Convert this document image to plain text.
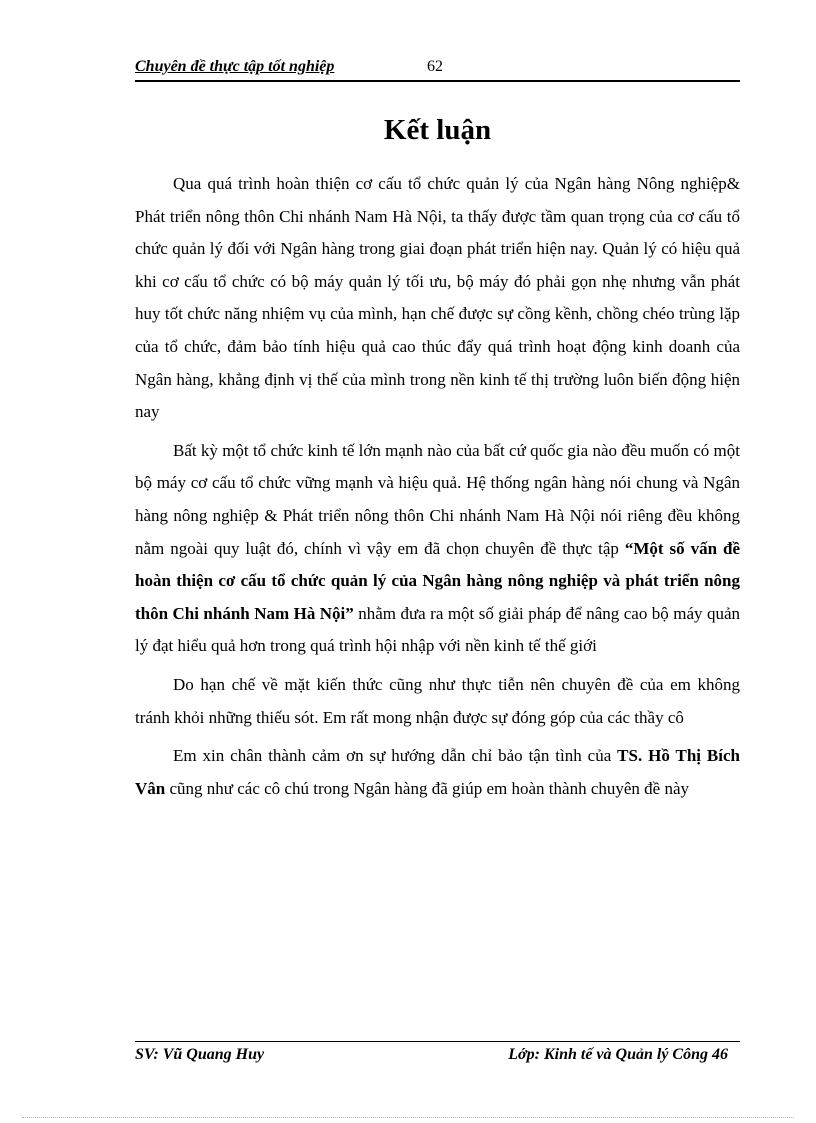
Chuyên đề thực tập tốt nghiệp	62
Kết luận

Qua quá trình hoàn thiện cơ cấu tổ chức quản lý của Ngân hàng Nông nghiệp& Phát triển nông thôn Chi nhánh Nam Hà Nội, ta thấy được tầm quan trọng của cơ cấu tổ chức quản lý đối với Ngân hàng trong giai đoạn phát triển hiện nay. Quản lý có hiệu quả khi cơ cấu tổ chức có bộ máy quản lý tối ưu, bộ máy đó phải gọn nhẹ nhưng vẫn phát huy tốt chức năng nhiệm vụ của mình, hạn chế được sự cồng kềnh, chồng chéo trùng lặp của tổ chức, đảm bảo tính hiệu quả cao thúc đẩy quá trình hoạt động kinh doanh của Ngân hàng, khẳng định vị thế của mình trong nền kinh tế thị trường luôn biến động hiện nay

Bất kỳ một tổ chức kinh tế lớn mạnh nào của bất cứ quốc gia nào đều muốn có một bộ máy cơ cấu tổ chức vững mạnh và hiệu quả. Hệ thống ngân hàng nói chung và Ngân hàng nông nghiệp & Phát triển nông thôn Chi nhánh Nam Hà Nội nói riêng đều không nằm ngoài quy luật đó, chính vì vậy em đã chọn chuyên đề thực tập “Một số vấn đề hoàn thiện cơ cấu tổ chức quản lý của Ngân hàng nông nghiệp và phát triển nông thôn Chi nhánh Nam Hà Nội” nhằm đưa ra một số giải pháp để nâng cao bộ máy quản lý đạt hiểu quả hơn trong quá trình hội nhập với nền kinh tế thế giới

Do hạn chế về mặt kiến thức cũng như thực tiễn nên chuyên đề của em không tránh khỏi những thiếu sót. Em rất mong nhận được sự đóng góp của các thầy cô

Em xin chân thành cảm ơn sự hướng dẫn chỉ bảo tận tình của TS. Hồ Thị Bích Vân cũng như các cô chú trong Ngân hàng đã giúp em hoàn thành chuyên đề này

SV: Vũ Quang Huy	Lớp: Kinh tế và Quản lý Công 46
